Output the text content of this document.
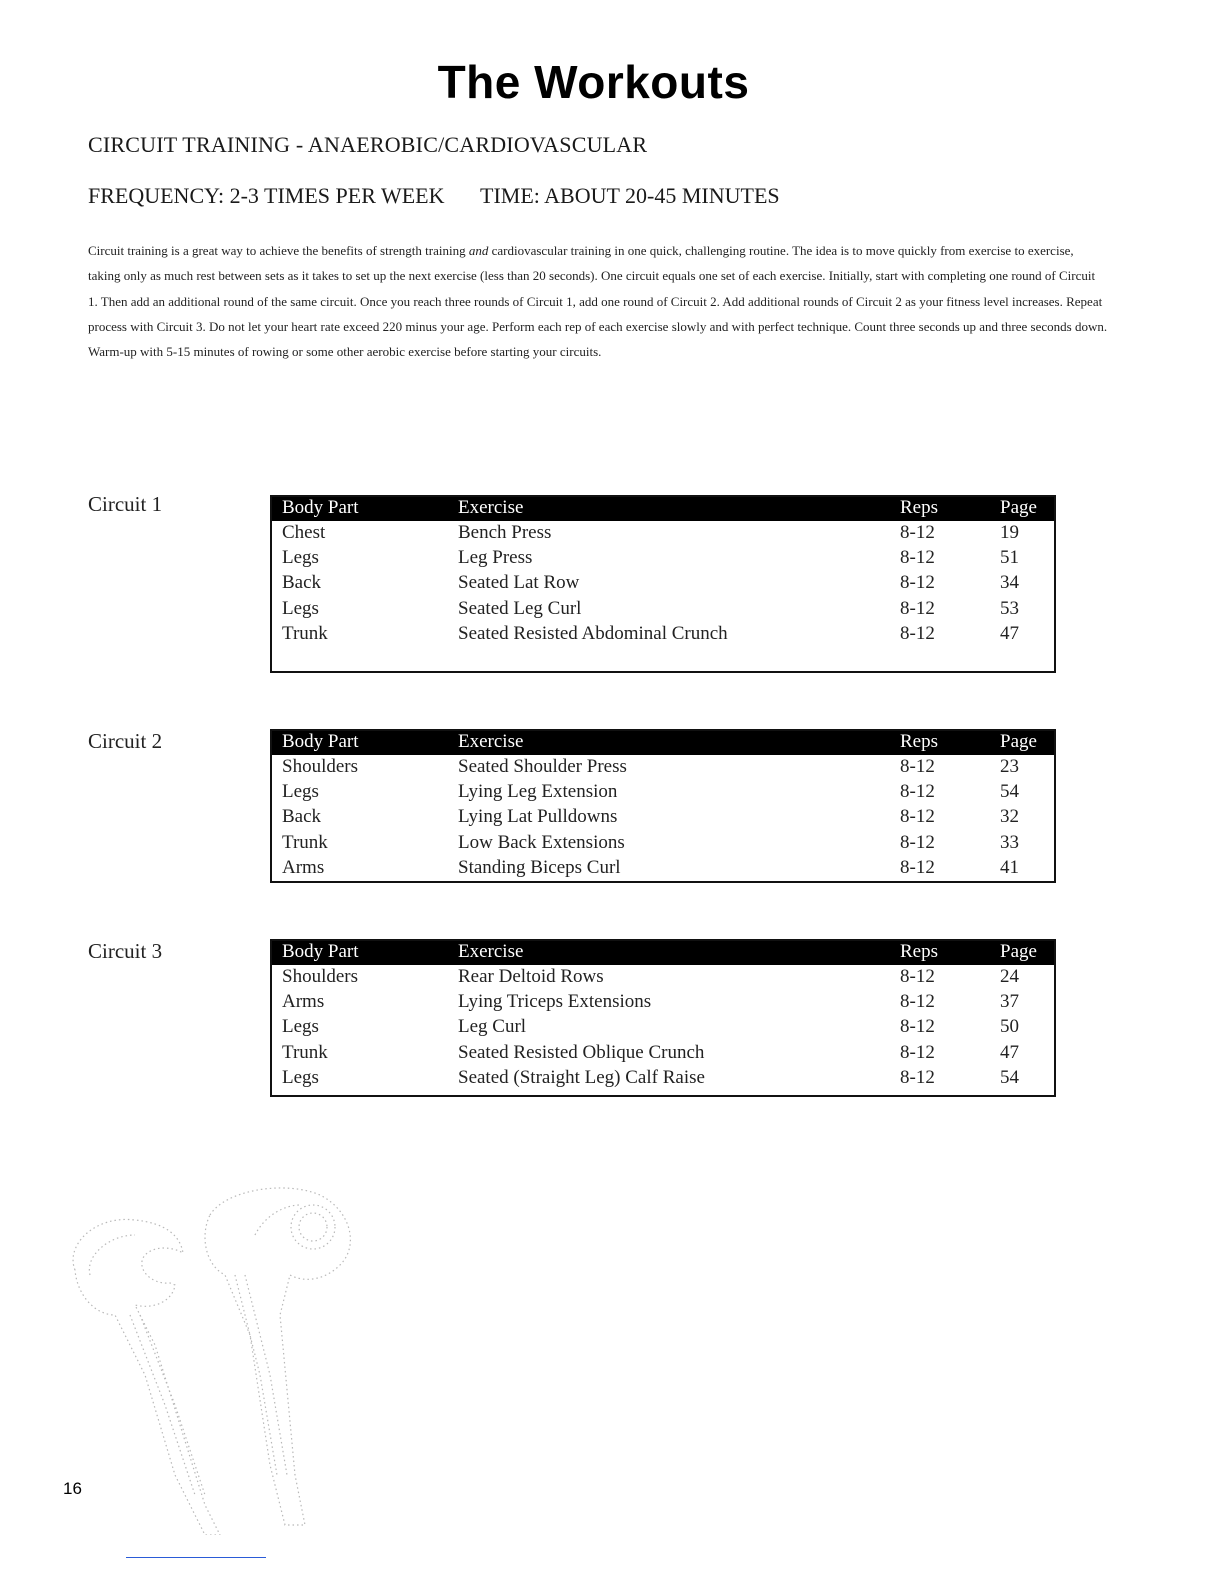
The Workouts
CIRCUIT TRAINING - ANAEROBIC/CARDIOVASCULAR
FREQUENCY: 2-3 TIMES PER WEEK TIME: ABOUT 20-45 MINUTES

Circuit training is a great way to achieve the benefits of strength training and cardiovascular training in one quick, challenging routine. The idea is to move quickly from exercise to exercise, taking only as much rest between sets as it takes to set up the next exercise (less than 20 seconds). One circuit equals one set of each exercise. Initially, start with completing one round of Circuit 1. Then add an additional round of the same circuit. Once you reach three rounds of Circuit 1, add one round of Circuit 2. Add additional rounds of Circuit 2 as your fitness level increases. Repeat process with Circuit 3. Do not let your heart rate exceed 220 minus your age. Perform each rep of each exercise slowly and with perfect technique. Count three seconds up and three seconds down. Warm-up with 5-15 minutes of rowing or some other aerobic exercise before starting your circuits.

Circuit 1	Body Part	Exercise	Reps	Page
Chest	Bench Press	8-12	19
Legs	Leg Press	8-12	51
Back	Seated Lat Row	8-12	34
Legs	Seated Leg Curl	8-12	53
Trunk	Seated Resisted Abdominal Crunch	8-12	47
Circuit 2	Body Part	Exercise	Reps	Page
Shoulders	Seated Shoulder Press	8-12	23
Legs	Lying Leg Extension	8-12	54
Back	Lying Lat Pulldowns	8-12	32
Trunk	Low Back Extensions	8-12	33
Arms	Standing Biceps Curl	8-12	41
Circuit 3	Body Part	Exercise	Reps	Page
Shoulders	Rear Deltoid Rows	8-12	24
Arms	Lying Triceps Extensions	8-12	37
Legs	Leg Curl	8-12	50
Trunk	Seated Resisted Oblique Crunch	8-12	47
Legs	Seated (Straight Leg) Calf Raise	8-12	54
16
